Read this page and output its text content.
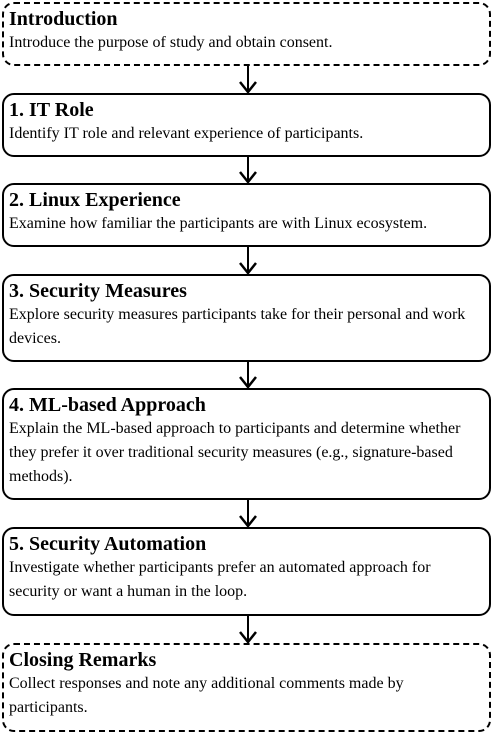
Introduction
Introduce the purpose of study and obtain consent.
1. IT Role
Identify IT role and relevant experience of participants.
2. Linux Experience
Examine how familiar the participants are with Linux ecosystem.
3. Security Measures
Explore security measures participants take for their personal and work devices.
4. ML-based Approach
Explain the ML-based approach to participants and determine whether they prefer it over traditional security measures (e.g., signature-based methods).
5. Security Automation
Investigate whether participants prefer an automated approach for security or want a human in the loop.
Closing Remarks
Collect responses and note any additional comments made by participants.
